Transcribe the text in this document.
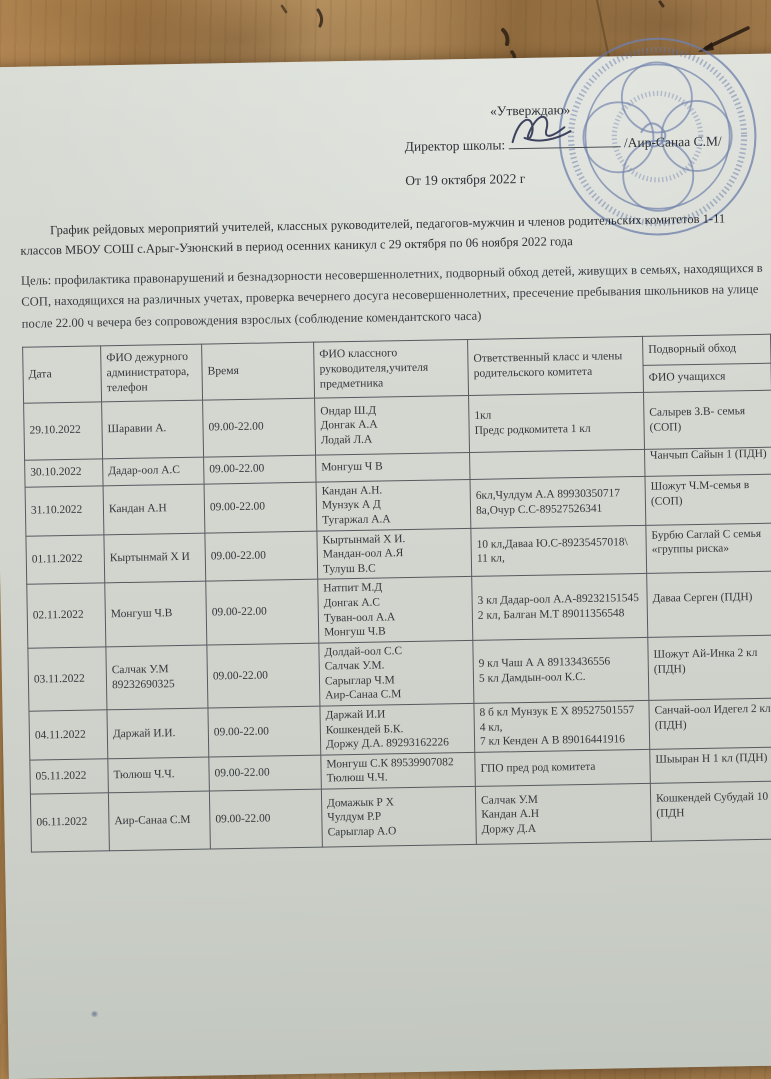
«Утверждаю»
Директор школы:	/Аир-Санаа С.М/
От 19 октября 2022 г

График рейдовых мероприятий учителей, классных руководителей, педагогов-мужчин и членов родительских комитетов 1-11 классов МБОУ СОШ с.Арыг-Узюнский в период осенних каникул с 29 октября по 06 ноября 2022 года

Цель: профилактика правонарушений и безнадзорности несовершеннолетних, подворный обход детей, живущих в семьях, находящихся в СОП, находящихся на различных учетах, проверка вечернего досуга несовершеннолетних, пресечение пребывания школьников на улице после 22.00 ч вечера без сопровождения взрослых (соблюдение комендантского часа)

Дата	ФИО дежурного администратора, телефон	Время	ФИО классного руководителя,учителя предметника	Ответственный класс и члены родительского комитета	Подворный обход
					ФИО учащихся
29.10.2022	Шаравии А.	09.00-22.00	Ондар Ш.Д
Донгак А.А
Лодай Л.А	1кл
Предс родкомитета 1 кл	Салырев З.В- семья (СОП)

30.10.2022	Дадар-оол А.С	09.00-22.00	Монгуш Ч В		Чанчып Сайын 1 (ПДН)

31.10.2022	Кандан А.Н	09.00-22.00	Кандан А.Н.
Мунзук А Д
Тугаржал А.А	6кл,Чулдум А.А 89930350717
8а,Очур С.С-89527526341	Шожут Ч.М-семья в (СОП)

01.11.2022	Кыртынмай Х И	09.00-22.00	Кыртынмай Х И.
Мандан-оол А.Я
Тулуш В.С	10 кл,Даваа Ю.С-89235457018\
11 кл,	Бурбю Саглай С семья «группы риска»

02.11.2022	Монгуш Ч.В	09.00-22.00	Натпит М.Д
Донгак А.С
Туван-оол А.А
Монгуш Ч.В	3 кл Дадар-оол А.А-89232151545
2 кл, Балган М.Т 89011356548	Даваа Серген (ПДН)

03.11.2022	Салчак У.М
89232690325	09.00-22.00	Долдай-оол С.С
Салчак У.М.
Сарыглар Ч.М
Аир-Санаа С.М	9 кл Чаш А А 89133436556
5 кл Дамдын-оол К.С.	Шожут Ай-Инка 2 кл (ПДН)

04.11.2022	Даржай И.И.	09.00-22.00	Даржай И.И
Кошкендей Б.К.
Доржу Д.А. 89293162226	8 б кл Мунзук Е Х 89527501557
4 кл,
7 кл Кенден А В 89016441916	Санчай-оол Идегел 2 кл (ПДН)

05.11.2022	Тюлюш Ч.Ч.	09.00-22.00	Монгуш С.К 89539907082
Тюлюш Ч.Ч.	ГПО пред род комитета	Шыыран Н 1 кл (ПДН)

06.11.2022	Аир-Санаа С.М	09.00-22.00	Домажык Р Х
Чулдум Р.Р
Сарыглар А.О	Салчак У.М
Кандан А.Н
Доржу Д.А	Кошкендей Субудай 10 (ПДН
